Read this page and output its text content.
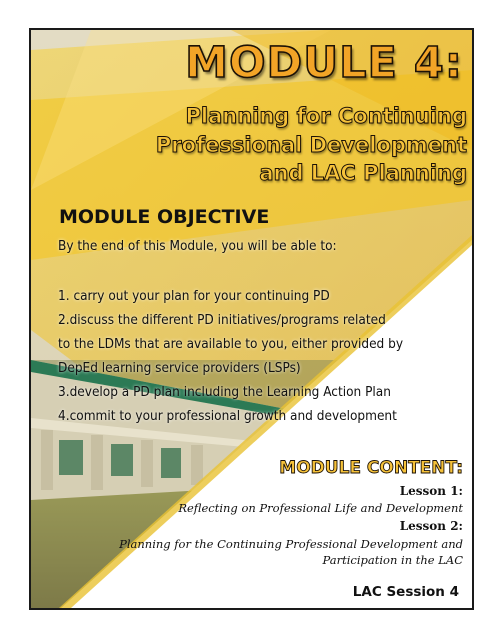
MODULE 4:

Planning for Continuing

Professional Development

and LAC Planning

MODULE OBJECTIVE

By the end of this Module, you will be able to:

1. carry out your plan for your continuing PD

2.discuss the different PD initiatives/programs related

to the LDMs that are available to you, either provided by

DepEd learning service providers (LSPs)

3.develop a PD plan including the Learning Action Plan

4.commit to your professional growth and development

MODULE CONTENT:

Lesson 1:

Reflecting on Professional Life and Development

Lesson 2:

Planning for the Continuing Professional Development and

Participation in the LAC

LAC Session 4
